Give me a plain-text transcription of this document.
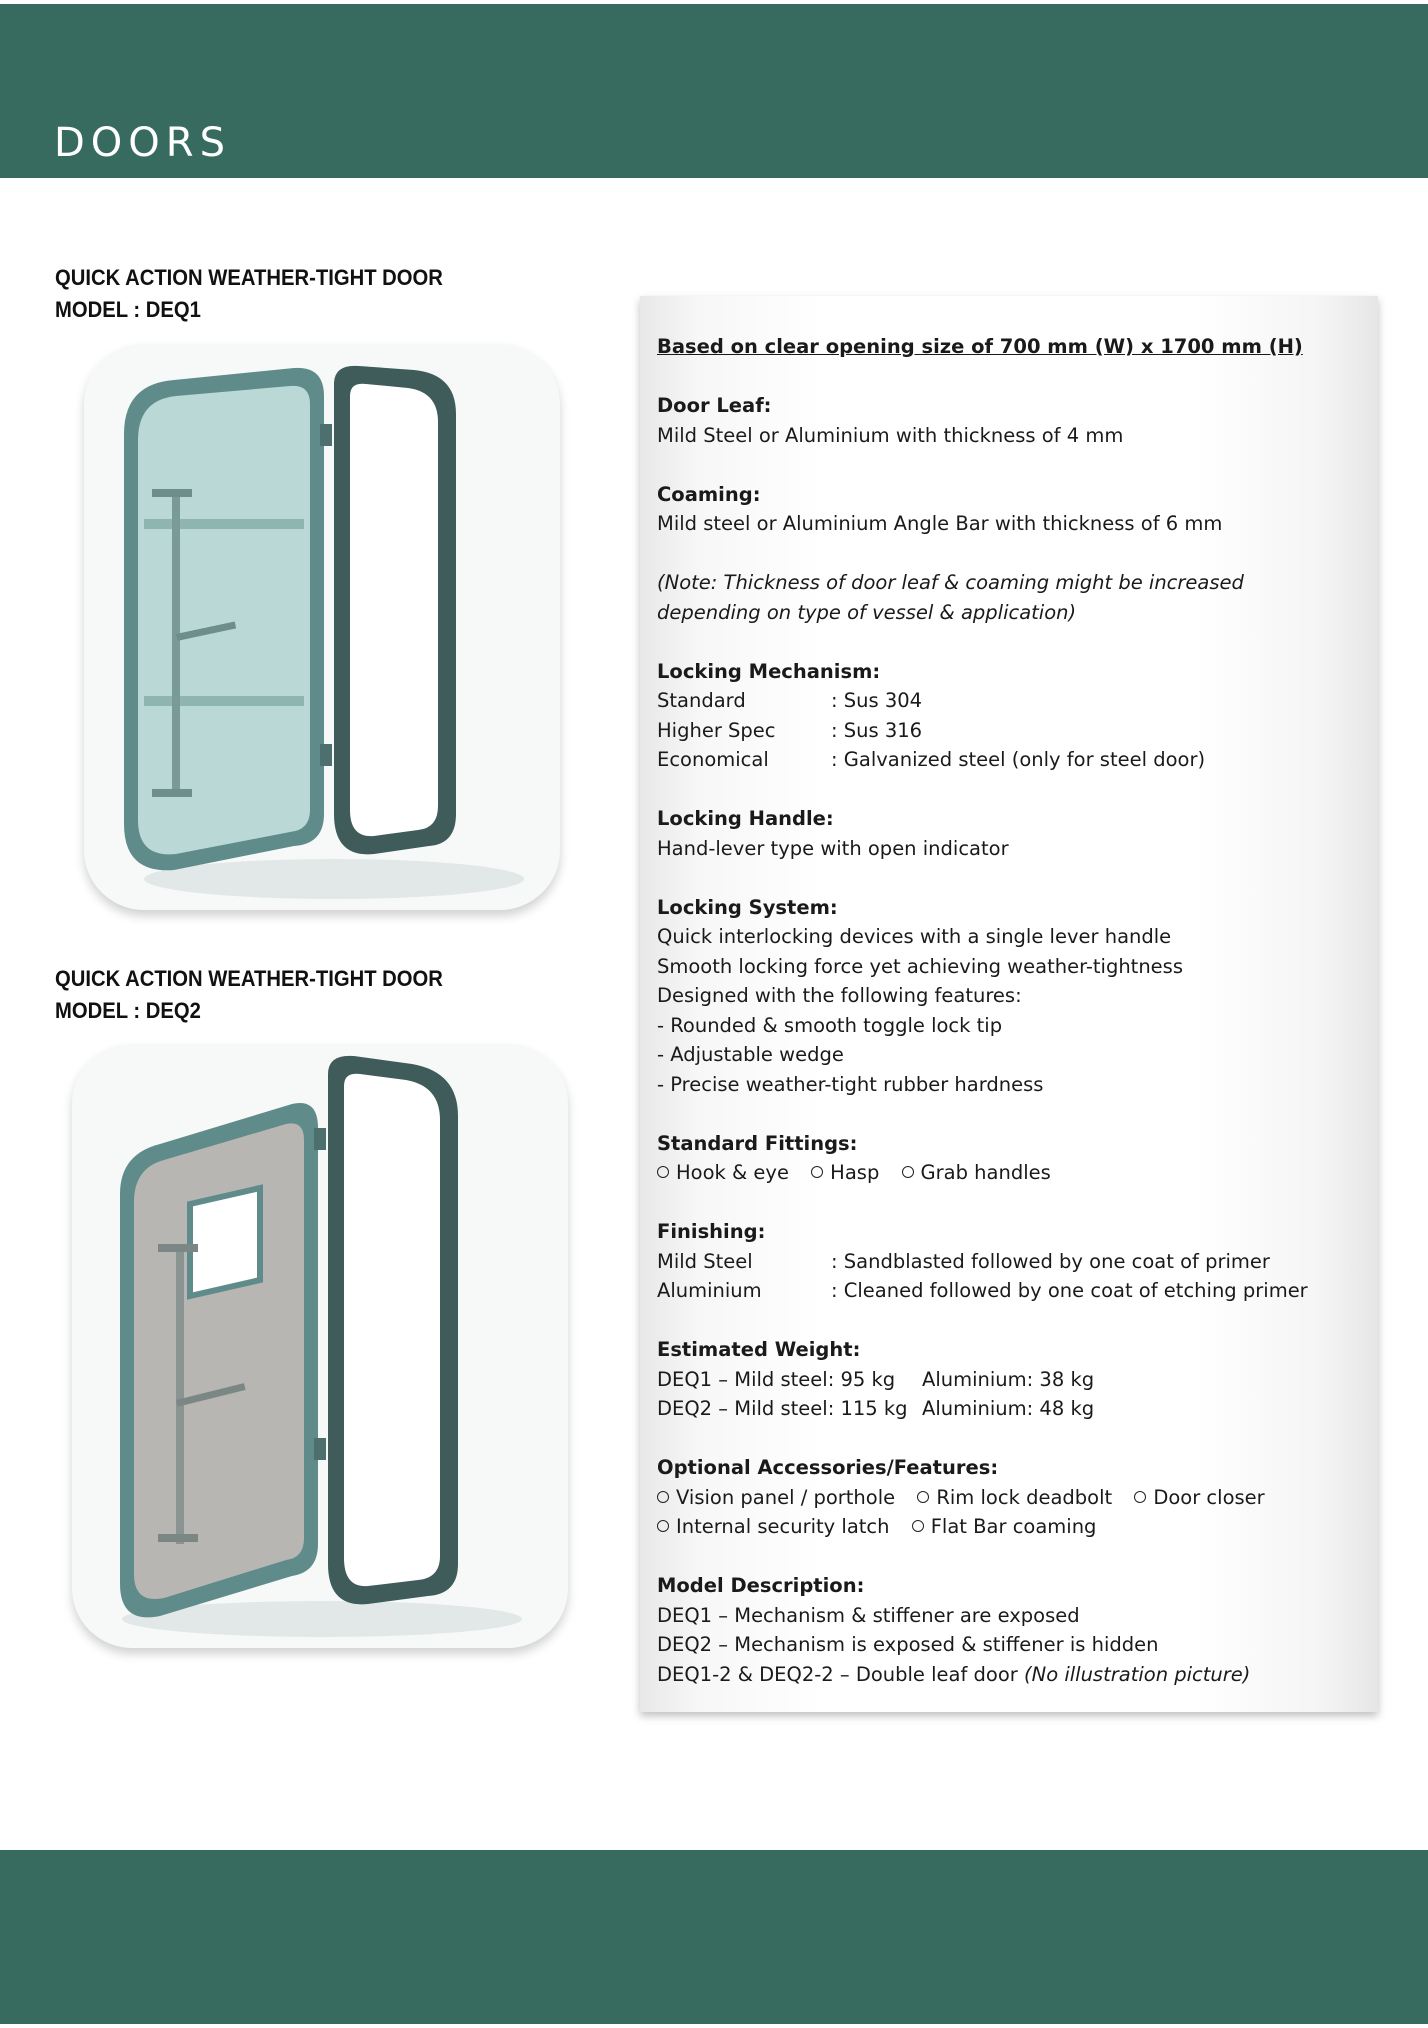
DOORS
QUICK ACTION WEATHER-TIGHT DOOR
MODEL : DEQ1
QUICK ACTION WEATHER-TIGHT DOOR
MODEL : DEQ2
Based on clear opening size of 700 mm (W) x 1700 mm (H)
Door Leaf:
Mild Steel or Aluminium with thickness of 4 mm
Coaming:
Mild steel or Aluminium Angle Bar with thickness of 6 mm
(Note: Thickness of door leaf & coaming might be increased
depending on type of vessel & application)
Locking Mechanism:
Standard	: Sus 304
Higher Spec	: Sus 316
Economical	: Galvanized steel (only for steel door)
Locking Handle:
Hand-lever type with open indicator
Locking System:
Quick interlocking devices with a single lever handle
Smooth locking force yet achieving weather-tightness
Designed with the following features:
- Rounded & smooth toggle lock tip
- Adjustable wedge
- Precise weather-tight rubber hardness
Standard Fittings:
Hook & eye Hasp Grab handles
Finishing:
Mild Steel	: Sandblasted followed by one coat of primer
Aluminium	: Cleaned followed by one coat of etching primer
Estimated Weight:
DEQ1 – Mild steel: 95 kg	Aluminium: 38 kg
DEQ2 – Mild steel: 115 kg Aluminium: 48 kg
Optional Accessories/Features:
Vision panel / porthole Rim lock deadbolt Door closer
Internal security latch Flat Bar coaming
Model Description:
DEQ1 – Mechanism & stiffener are exposed
DEQ2 – Mechanism is exposed & stiffener is hidden
DEQ1-2 & DEQ2-2 – Double leaf door (No illustration picture)
